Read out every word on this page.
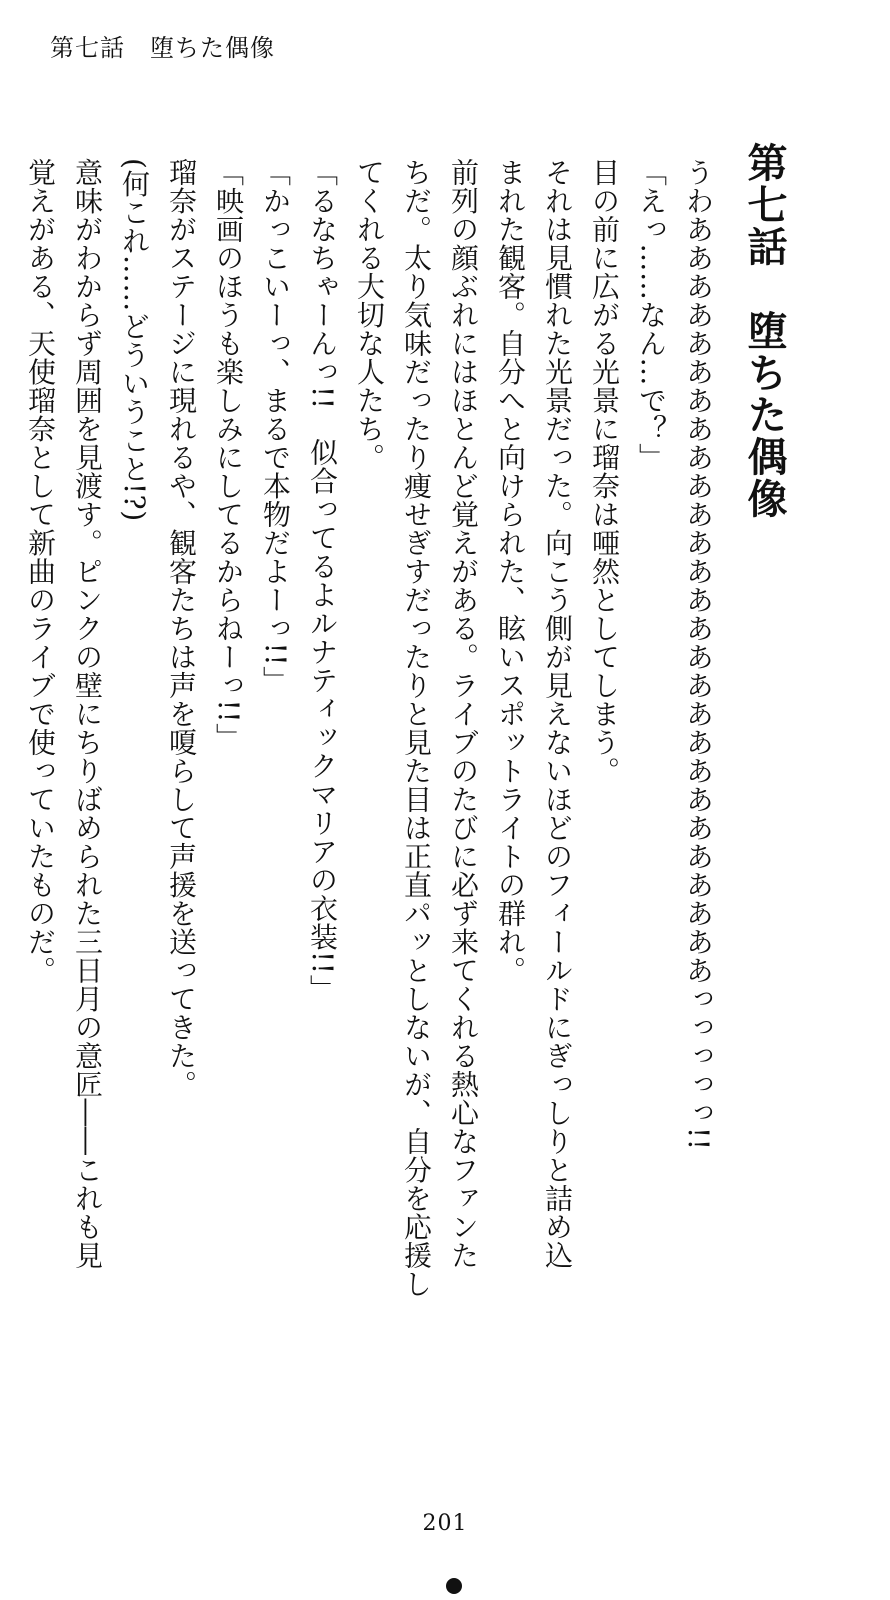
第七話　堕ちた偶像
第七話　堕ちた偶像
うわあああああああああああああああああああああああああああっっっっっ!!
「えっ……なん…で？」
目の前に広がる光景に瑠奈は唖然としてしまう。
それは見慣れた光景だった。向こう側が見えないほどのフィールドにぎっしりと詰め込
まれた観客。自分へと向けられた、眩いスポットライトの群れ。
前列の顔ぶれにはほとんど覚えがある。ライブのたびに必ず来てくれる熱心なファンた
ちだ。太り気味だったり痩せぎすだったりと見た目は正直パッとしないが、自分を応援し
てくれる大切な人たち。
「るなちゃーんっ!!　似合ってるよルナティックマリアの衣装!!」
「かっこいーっ、まるで本物だよーっ!!」
「映画のほうも楽しみにしてるからねーっ!!」
瑠奈がステージに現れるや、観客たちは声を嗄らして声援を送ってきた。
(何これ……どういうこと!?)
意味がわからず周囲を見渡す。ピンクの壁にちりばめられた三日月の意匠――これも見
覚えがある、天使瑠奈として新曲のライブで使っていたものだ。
201
